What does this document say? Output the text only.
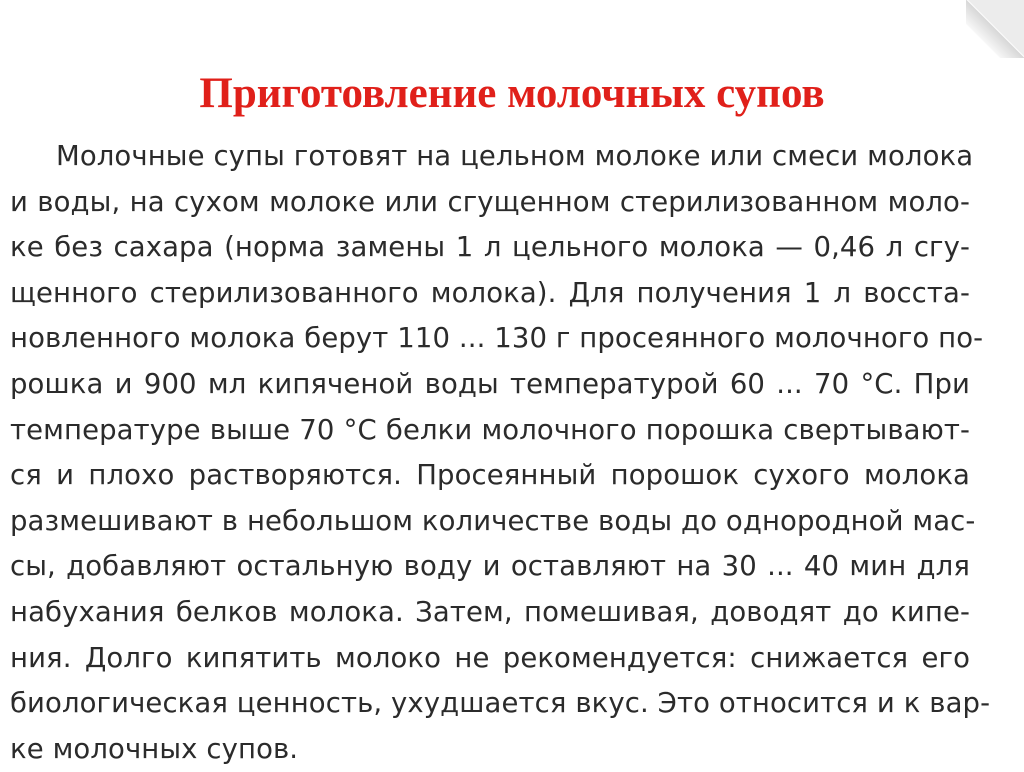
Приготовление молочных супов
Молочные супы готовят на цельном молоке или смеси молока
и воды, на сухом молоке или сгущенном стерилизованном моло-
ке без сахара (норма замены 1 л цельного молока — 0,46 л сгу-
щенного стерилизованного молока). Для получения 1 л восста-
новленного молока берут 110 ... 130 г просеянного молочного по-
рошка и 900 мл кипяченой воды температурой 60 ... 70 °С. При
температуре выше 70 °С белки молочного порошка свертывают-
ся и плохо растворяются. Просеянный порошок сухого молока
размешивают в небольшом количестве воды до однородной мас-
сы, добавляют остальную воду и оставляют на 30 ... 40 мин для
набухания белков молока. Затем, помешивая, доводят до кипе-
ния. Долго кипятить молоко не рекомендуется: снижается его
биологическая ценность, ухудшается вкус. Это относится и к вар-
ке молочных супов.
